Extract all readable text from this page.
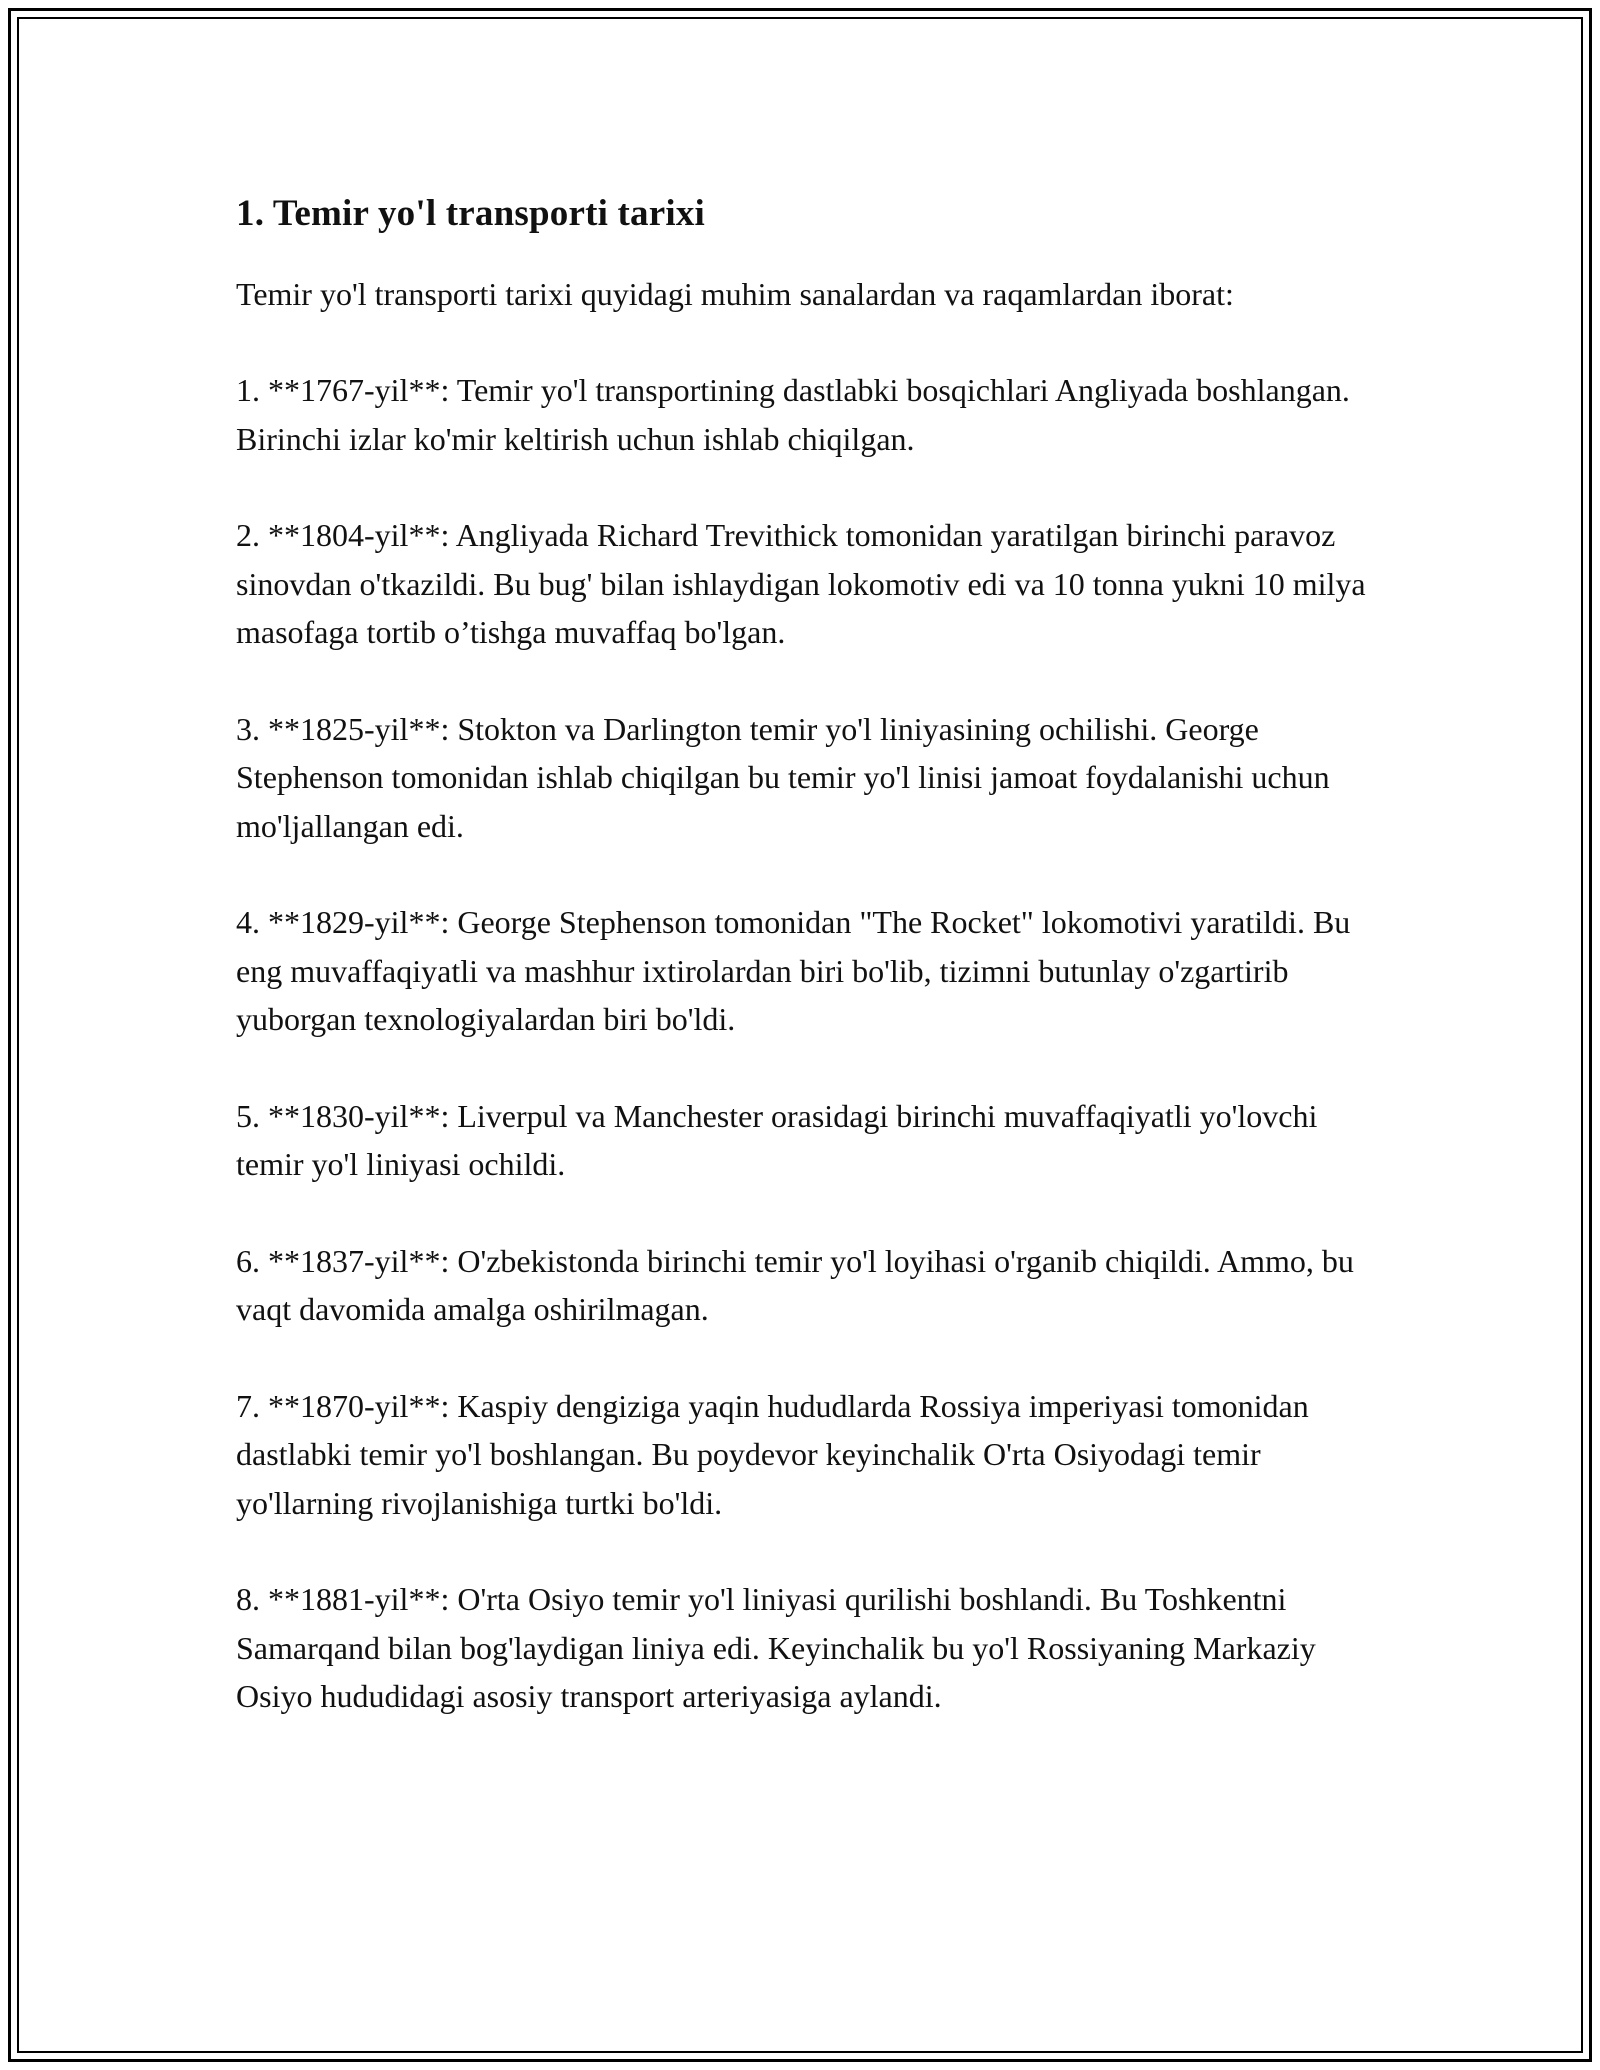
1. Temir yo'l transporti tarixi

Temir yo'l transporti tarixi quyidagi muhim sanalardan va raqamlardan iborat:

1. **1767-yil**: Temir yo'l transportining dastlabki bosqichlari Angliyada boshlangan. Birinchi izlar ko'mir keltirish uchun ishlab chiqilgan.

2. **1804-yil**: Angliyada Richard Trevithick tomonidan yaratilgan birinchi paravoz sinovdan o'tkazildi. Bu bug' bilan ishlaydigan lokomotiv edi va 10 tonna yukni 10 milya masofaga tortib o’tishga muvaffaq bo'lgan.

3. **1825-yil**: Stokton va Darlington temir yo'l liniyasining ochilishi. George Stephenson tomonidan ishlab chiqilgan bu temir yo'l linisi jamoat foydalanishi uchun mo'ljallangan edi.

4. **1829-yil**: George Stephenson tomonidan "The Rocket" lokomotivi yaratildi. Bu eng muvaffaqiyatli va mashhur ixtirolardan biri bo'lib, tizimni butunlay o'zgartirib yuborgan texnologiyalardan biri bo'ldi.

5. **1830-yil**: Liverpul va Manchester orasidagi birinchi muvaffaqiyatli yo'lovchi temir yo'l liniyasi ochildi.

6. **1837-yil**: O'zbekistonda birinchi temir yo'l loyihasi o'rganib chiqildi. Ammo, bu vaqt davomida amalga oshirilmagan.

7. **1870-yil**: Kaspiy dengiziga yaqin hududlarda Rossiya imperiyasi tomonidan dastlabki temir yo'l boshlangan. Bu poydevor keyinchalik O'rta Osiyodagi temir yo'llarning rivojlanishiga turtki bo'ldi.

8. **1881-yil**: O'rta Osiyo temir yo'l liniyasi qurilishi boshlandi. Bu Toshkentni Samarqand bilan bog'laydigan liniya edi. Keyinchalik bu yo'l Rossiyaning Markaziy Osiyo hududidagi asosiy transport arteriyasiga aylandi.
